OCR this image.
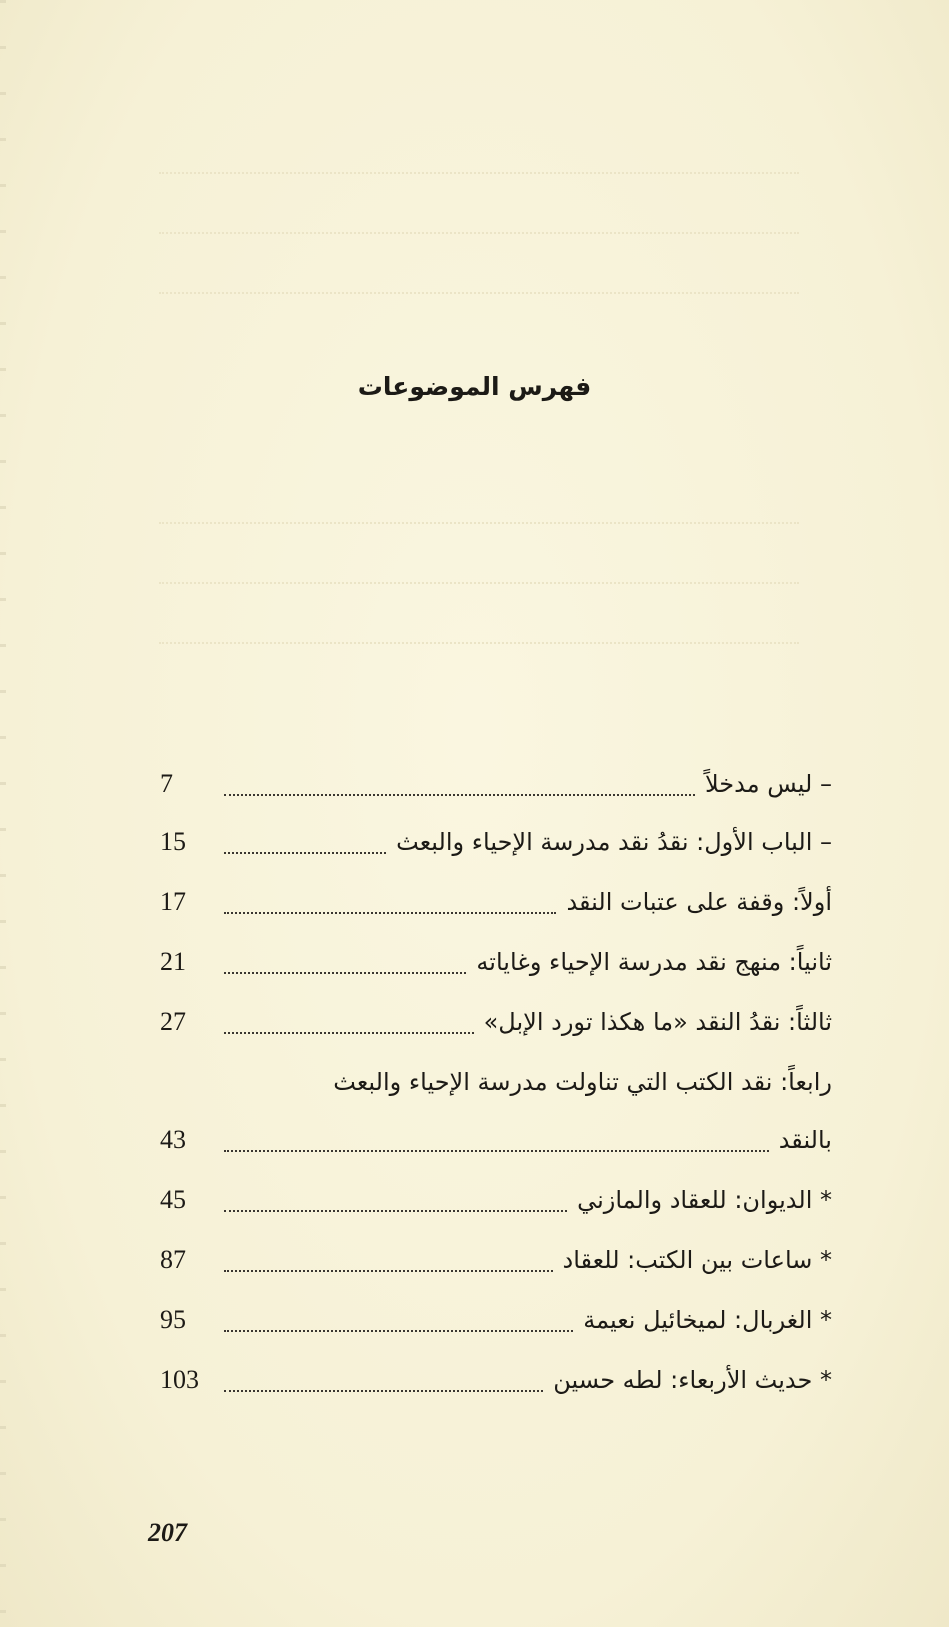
فهرس الموضوعات
– ليس مدخلاً
7
– الباب الأول: نقدُ نقد مدرسة الإحياء والبعث
15
أولاً: وقفة على عتبات النقد
17
ثانياً: منهج نقد مدرسة الإحياء وغاياته
21
ثالثاً: نقدُ النقد «ما هكذا تورد الإبل»
27
رابعاً: نقد الكتب التي تناولت مدرسة الإحياء والبعث
بالنقد
43
* الديوان: للعقاد والمازني
45
* ساعات بين الكتب: للعقاد
87
* الغربال: لميخائيل نعيمة
95
* حديث الأربعاء: لطه حسين
103
207
